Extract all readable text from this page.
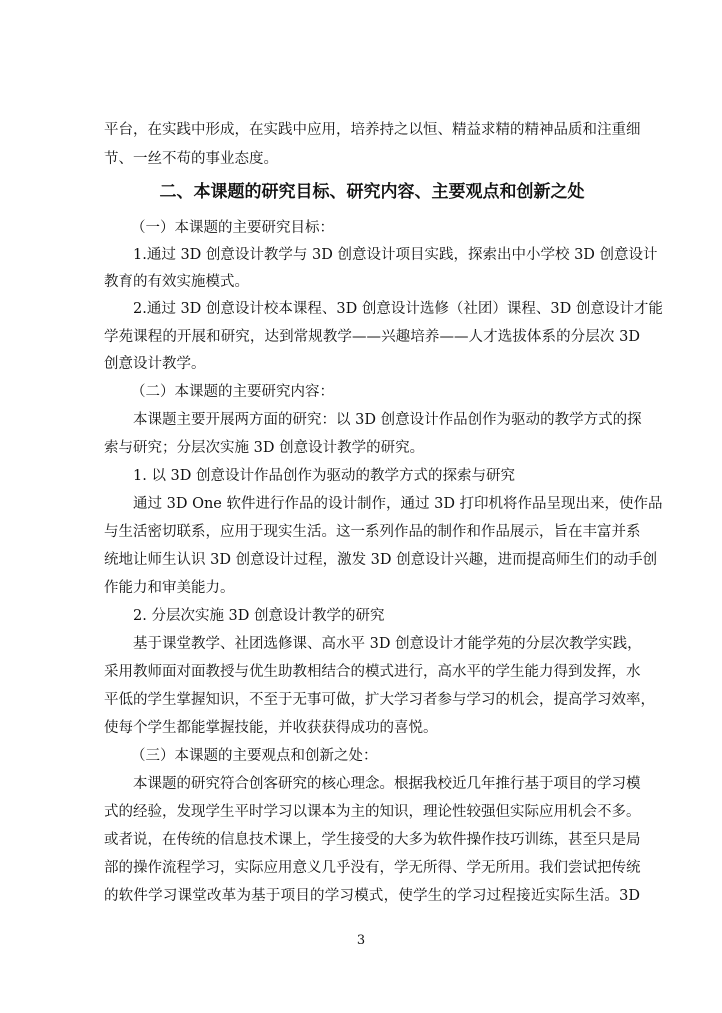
平台，在实践中形成，在实践中应用，培养持之以恒、精益求精的精神品质和注重细
节、一丝不苟的事业态度。
二、本课题的研究目标、研究内容、主要观点和创新之处
（一）本课题的主要研究目标：
1.通过 3D 创意设计教学与 3D 创意设计项目实践，探索出中小学校 3D 创意设计
教育的有效实施模式。
2.通过 3D 创意设计校本课程、3D 创意设计选修（社团）课程、3D 创意设计才能
学苑课程的开展和研究，达到常规教学——兴趣培养——人才选拔体系的分层次 3D
创意设计教学。
（二）本课题的主要研究内容：
本课题主要开展两方面的研究：以 3D 创意设计作品创作为驱动的教学方式的探
索与研究；分层次实施 3D 创意设计教学的研究。
1. 以 3D 创意设计作品创作为驱动的教学方式的探索与研究
通过 3D One 软件进行作品的设计制作，通过 3D 打印机将作品呈现出来，使作品
与生活密切联系，应用于现实生活。这一系列作品的制作和作品展示，旨在丰富并系
统地让师生认识 3D 创意设计过程，激发 3D 创意设计兴趣，进而提高师生们的动手创
作能力和审美能力。
2. 分层次实施 3D 创意设计教学的研究
基于课堂教学、社团选修课、高水平 3D 创意设计才能学苑的分层次教学实践，
采用教师面对面教授与优生助教相结合的模式进行，高水平的学生能力得到发挥，水
平低的学生掌握知识，不至于无事可做，扩大学习者参与学习的机会，提高学习效率，
使每个学生都能掌握技能，并收获获得成功的喜悦。
（三）本课题的主要观点和创新之处：
本课题的研究符合创客研究的核心理念。根据我校近几年推行基于项目的学习模
式的经验，发现学生平时学习以课本为主的知识，理论性较强但实际应用机会不多。
或者说，在传统的信息技术课上，学生接受的大多为软件操作技巧训练，甚至只是局
部的操作流程学习，实际应用意义几乎没有，学无所得、学无所用。我们尝试把传统
的软件学习课堂改革为基于项目的学习模式，使学生的学习过程接近实际生活。3D
3
